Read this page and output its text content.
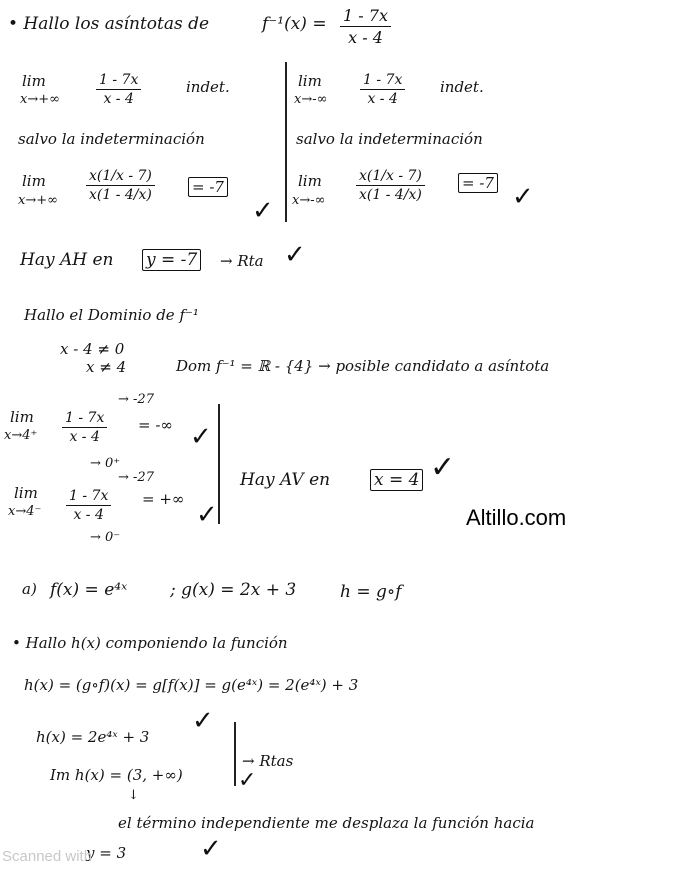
• Hallo los asíntotas de	$f^{-1}(x) = \frac{1 - 7x}{x - 4}$
lim
x→+∞	$\frac{1 - 7x}{x - 4}$	indet.
salvo la indeterminación
lim
$x\to+\infty \frac{x(1/x - 7)}{x(1 - 4/x)} = -7$
✓
lim
$x\to-\infty \frac{1 - 7x}{x - 4} indet$.
salvo la indeterminación
lim
$x\to-\infty \frac{x(1/x - 7)}{x(1 - 4/x)} = -7$ ✓
Hay AH en y = -7 → Rta ✓
Hallo el Dominio de f⁻¹
x - 4 ≠ 0
x ≠ 4	Dom f⁻¹ = ℝ - {4} → posible candidato a asíntota
lim
x→4⁺
→ -27
$\frac{1 - 7x}{x - 4}$
→ 0⁺
= -∞ ✓
lim
x→4⁻
→ -27
$\frac{1 - 7x}{x - 4}$
→ 0⁻
= +∞
✓
Hay AV en	x = 4 ✓
Altillo.com
a) f(x) = e⁴ˣ	; g(x) = 2x + 3	h = g∘f
• Hallo h(x) componiendo la función
h(x) = (g∘f)(x) = g[f(x)] = g(e⁴ˣ) = 2(e⁴ˣ) + 3
h(x) = 2e⁴ˣ + 3
✓
Im h(x) = (3, +∞)
→ Rtas
✓
↓
el término independiente me desplaza la función hacia
y = 3	✓
Scanned with
